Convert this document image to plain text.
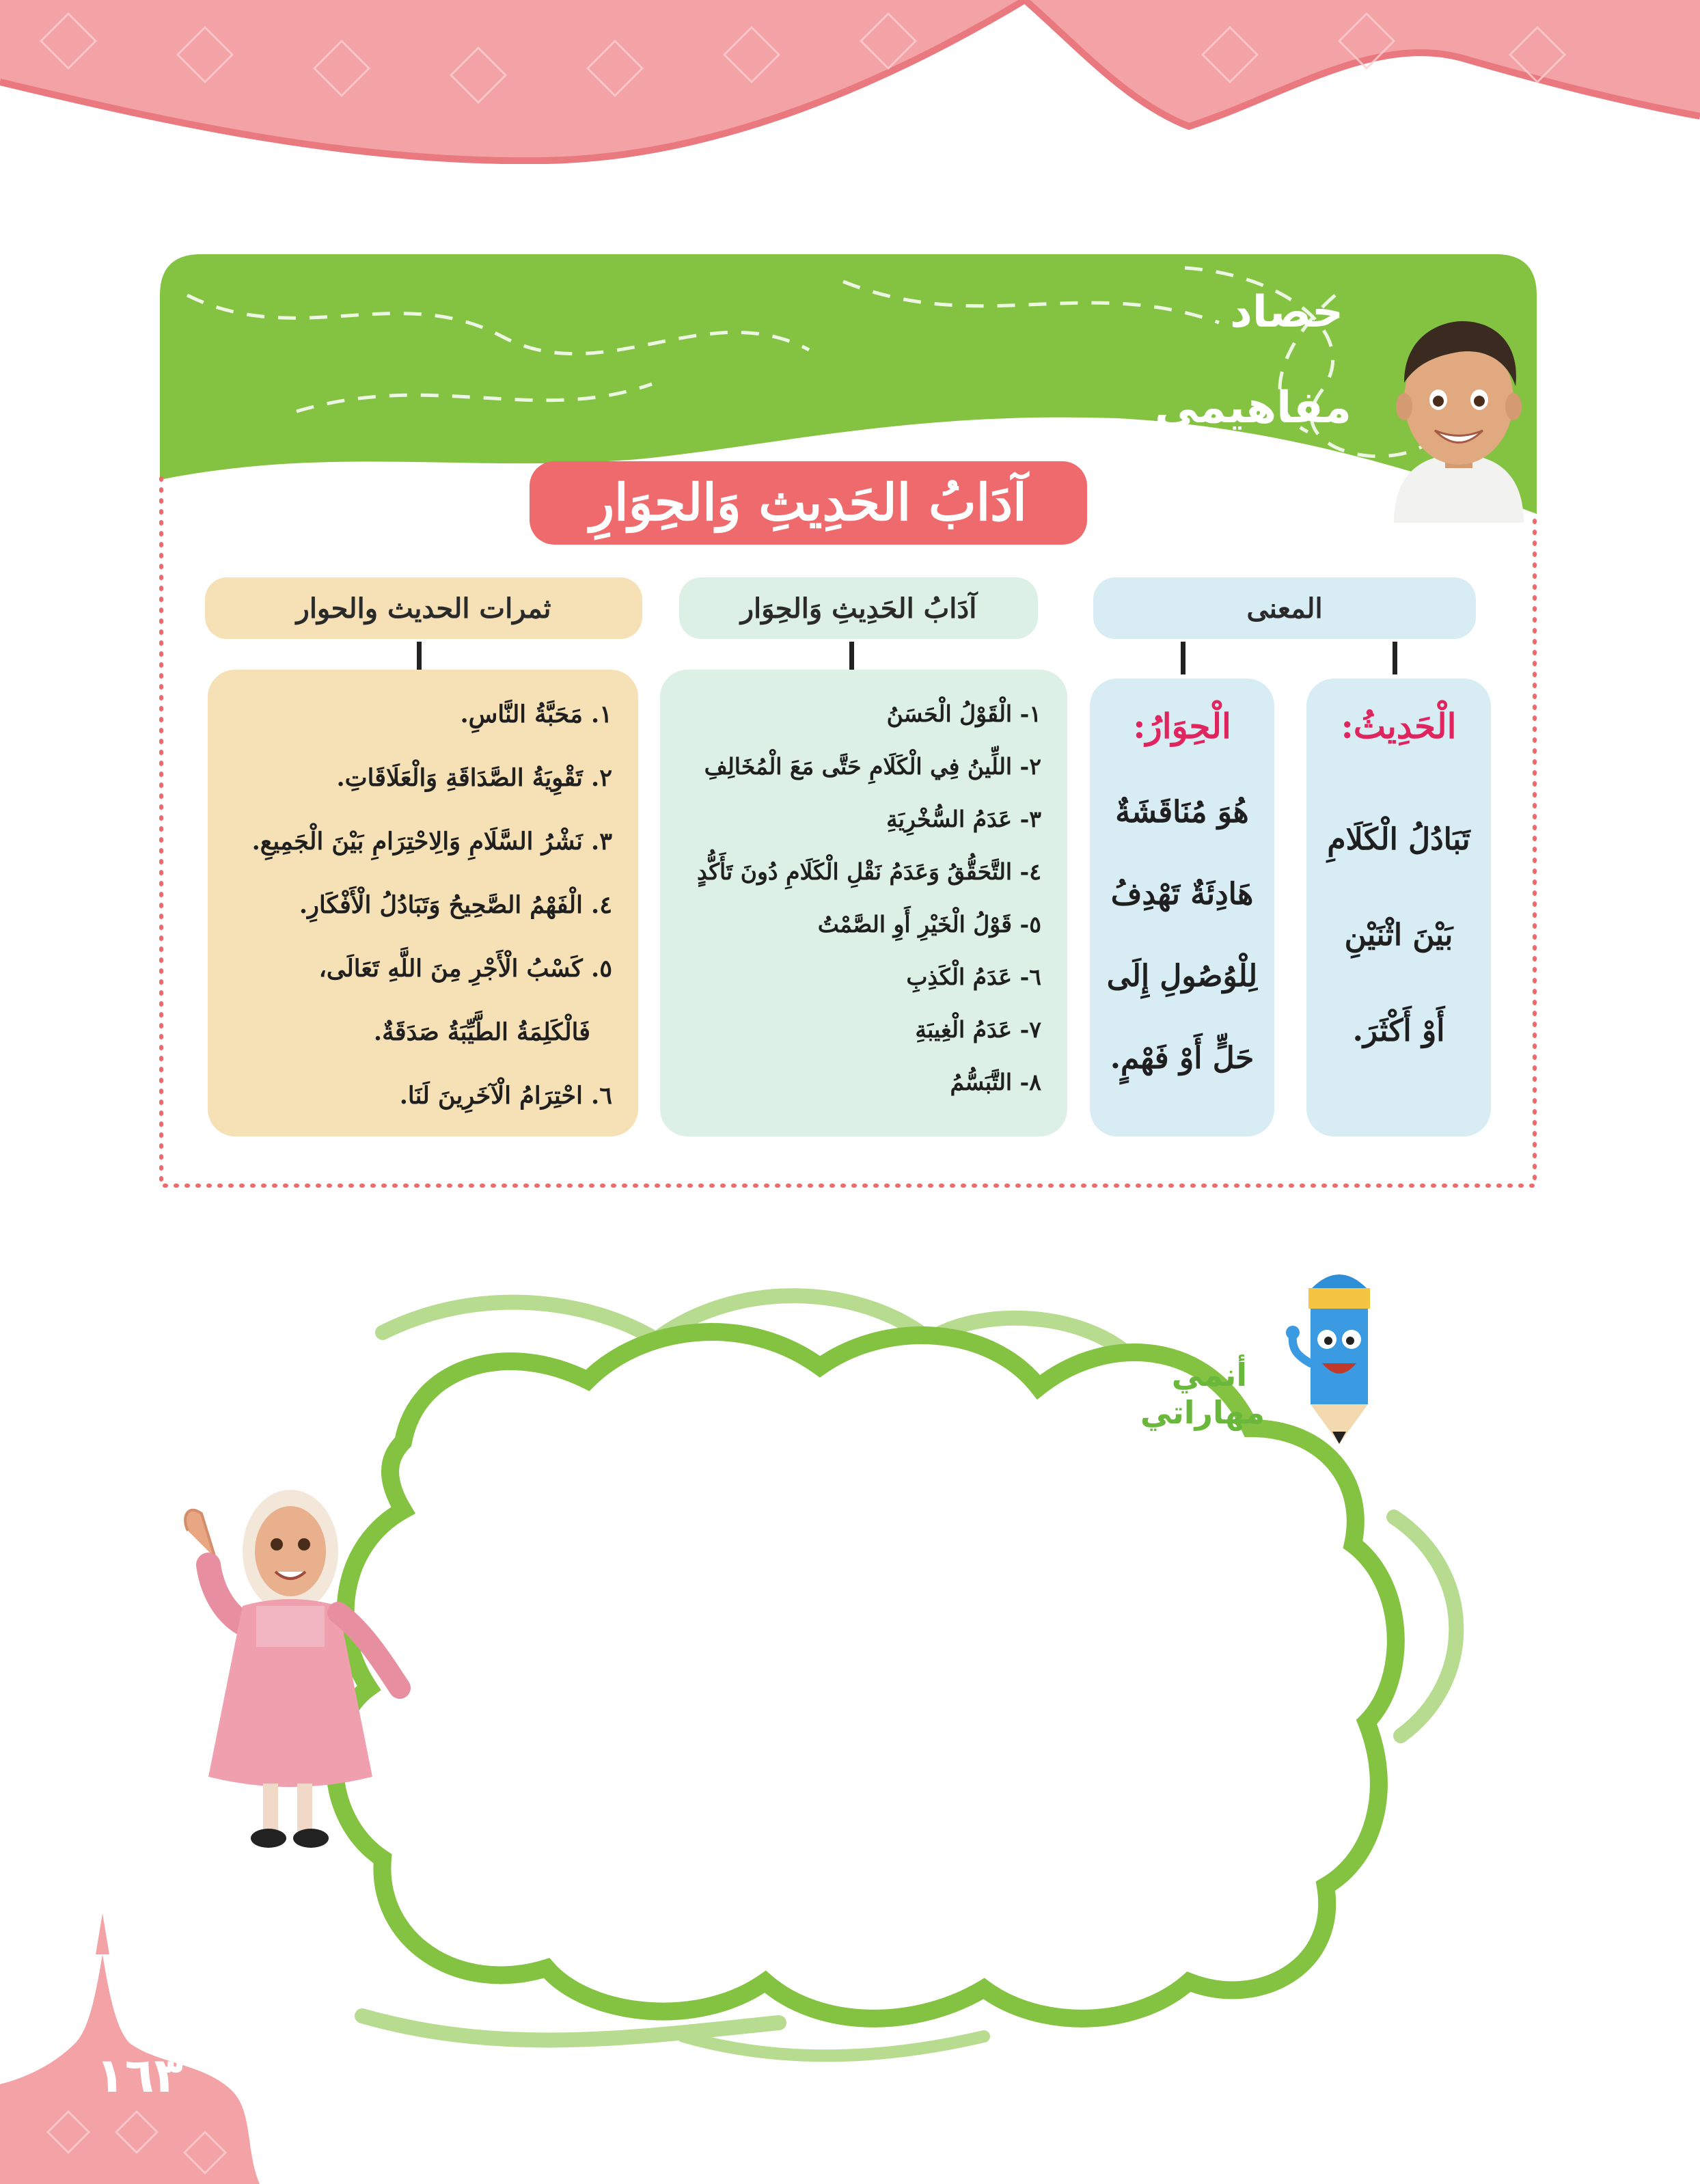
حصاد
مفاهيمي
آدَابُ الحَدِيثِ وَالحِوَارِ
المعنى
الْحَدِيثُ:
تَبَادُلُ الْكَلَامِ
بَيْنَ اثْنَيْنِ
أَوْ أَكْثَرَ.
الْحِوَارُ:
هُوَ مُنَاقَشَةٌ
هَادِئَةٌ تَهْدِفُ
لِلْوُصُولِ إِلَى
حَلٍّ أَوْ فَهْمٍ.
آدَابُ الحَدِيثِ وَالحِوَار
١- الْقَوْلُ الْحَسَنُ
٢- اللِّينُ فِي الْكَلَامِ حَتَّى مَعَ الْمُخَالِفِ
٣- عَدَمُ السُّخْرِيَةِ
٤- التَّحَقُّقُ وَعَدَمُ نَقْلِ الْكَلَامِ دُونَ تَأَكُّدٍ
٥- قَوْلُ الْخَيْرِ أَوِ الصَّمْتُ
٦- عَدَمُ الْكَذِبِ
٧- عَدَمُ الْغِيبَةِ
٨- التَّبَسُّمُ
ثمرات الحديث والحوار
١. مَحَبَّةُ النَّاسِ.
٢. تَقْوِيَةُ الصَّدَاقَةِ وَالْعَلَاقَاتِ.
٣. نَشْرُ السَّلَامِ وَالِاحْتِرَامِ بَيْنَ الْجَمِيعِ.
٤. الْفَهْمُ الصَّحِيحُ وَتَبَادُلُ الْأَفْكَارِ.
٥. كَسْبُ الْأَجْرِ مِنَ اللَّهِ تَعَالَى،
فَالْكَلِمَةُ الطَّيِّبَةُ صَدَقَةٌ.
٦. احْتِرَامُ الْآخَرِينَ لَنَا.
أنمي
مهاراتي
١٦٣
